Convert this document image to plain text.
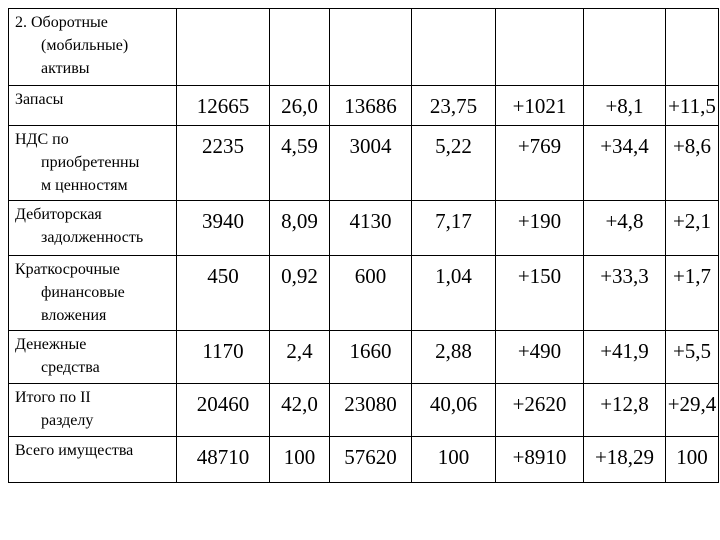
2. Оборотные
(мобильные)
активы							

Запасы	12665	26,0	13686	23,75	+1021	+8,1	+11,5

НДС по
приобретенны
м ценностям	2235	4,59	3004	5,22	+769	+34,4	+8,6

Дебиторская
задолженность	3940	8,09	4130	7,17	+190	+4,8	+2,1

Краткосрочные
финансовые
вложения	450	0,92	600	1,04	+150	+33,3	+1,7

Денежные
средства	1170	2,4	1660	2,88	+490	+41,9	+5,5

Итого по II
разделу	20460	42,0	23080	40,06	+2620	+12,8	+29,4

Всего имущества	48710	100	57620	100	+8910	+18,29	100
